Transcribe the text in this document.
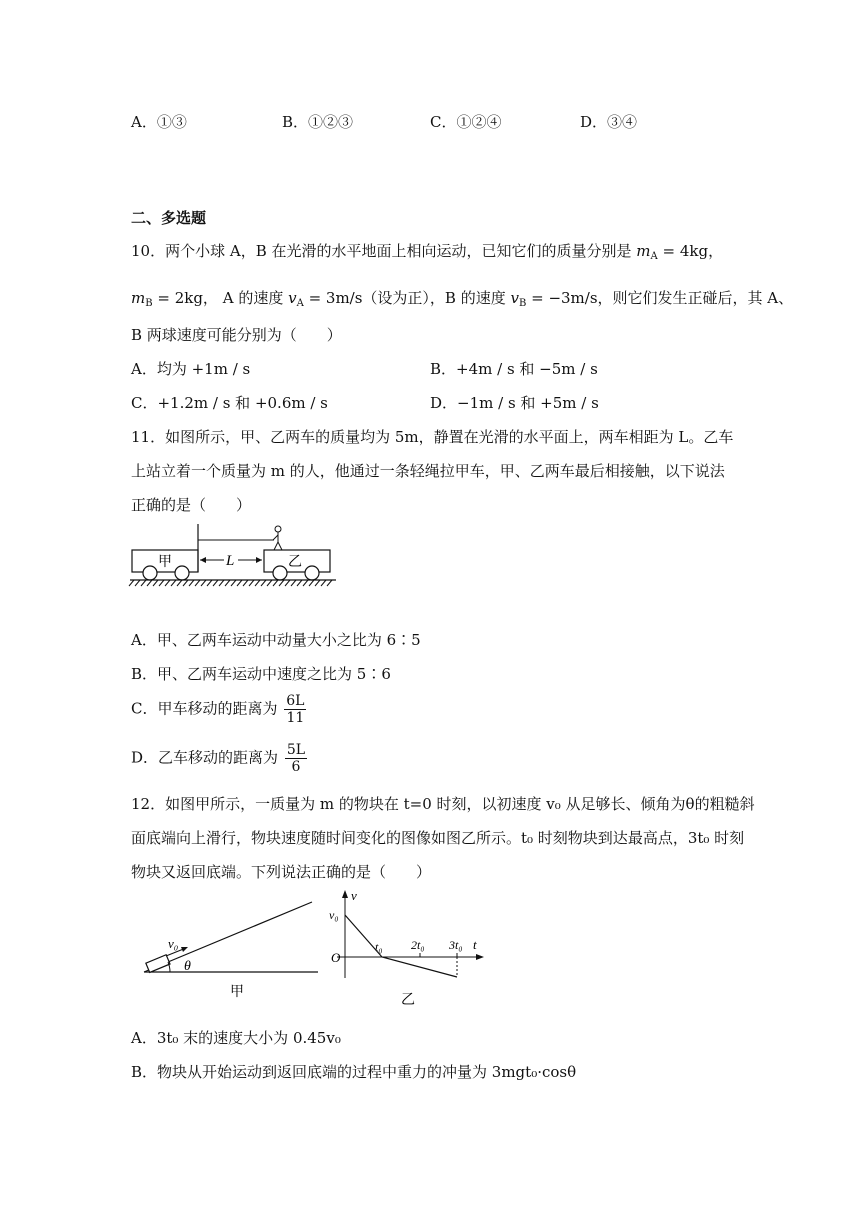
A．①③	B．①②③	C．①②④	D．③④
二、多选题
10．两个小球 A，B 在光滑的水平地面上相向运动，已知它们的质量分别是 $m_A = 4kg$，
$m_B = 2kg$， A 的速度 $v_A = 3m/s$（设为正），B 的速度 $v_B = -3m/s$，则它们发生正碰后，其 A、
B 两球速度可能分别为（　　）
A．均为 +1m / s	B．+4m / s 和 −5m / s
C．+1.2m / s 和 +0.6m / s	D．−1m / s 和 +5m / s
11．如图所示，甲、乙两车的质量均为 5m，静置在光滑的水平面上，两车相距为 L。乙车
上站立着一个质量为 m 的人，他通过一条轻绳拉甲车，甲、乙两车最后相接触，以下说法
正确的是（　　）
甲	乙
L
A．甲、乙两车运动中动量大小之比为 6∶5
B．甲、乙两车运动中速度之比为 5∶6
C．甲车移动的距离为 $\frac{6L}{11}$
D．乙车移动的距离为 $\frac{5L}{6}$
12．如图甲所示，一质量为 m 的物块在 t=0 时刻，以初速度 v₀ 从足够长、倾角为θ的粗糙斜
面底端向上滑行，物块速度随时间变化的图像如图乙所示。t₀ 时刻物块到达最高点，3t₀ 时刻
物块又返回底端。下列说法正确的是（　　）
v₀
θ
甲
v
v₀
O
t₀ 2t₀ 3t₀ t
乙
A．3t₀ 末的速度大小为 0.45v₀
B．物块从开始运动到返回底端的过程中重力的冲量为 3mgt₀·cosθ
